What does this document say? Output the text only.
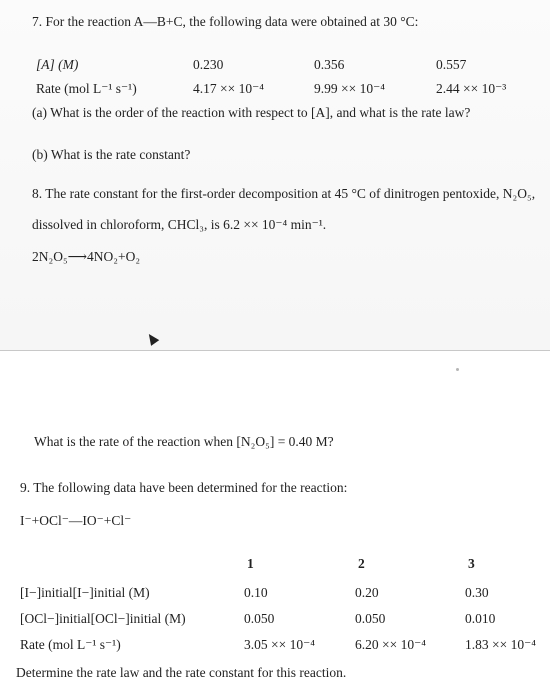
7. For the reaction A—B+C, the following data were obtained at 30 °C:
[A] (M)	0.230	0.356	0.557
Rate (mol L⁻¹ s⁻¹)	4.17 ×× 10⁻⁴	9.99 ×× 10⁻⁴	2.44 ×× 10⁻³
(a) What is the order of the reaction with respect to [A], and what is the rate law?
(b) What is the rate constant?
8. The rate constant for the first-order decomposition at 45 °C of dinitrogen pentoxide, N₂O₅,
dissolved in chloroform, CHCl₃, is 6.2 ×× 10⁻⁴ min⁻¹.
2N₂O₅⟶4NO₂+O₂
What is the rate of the reaction when [N₂O₅] = 0.40 M?
9. The following data have been determined for the reaction:
I⁻+OCl⁻—IO⁻+Cl⁻
1	2	3
[I−]initial[I−]initial (M)	0.10	0.20	0.30
[OCl−]initial[OCl−]initial (M)	0.050	0.050	0.010
Rate (mol L⁻¹ s⁻¹)	3.05 ×× 10⁻⁴	6.20 ×× 10⁻⁴	1.83 ×× 10⁻⁴
Determine the rate law and the rate constant for this reaction.
